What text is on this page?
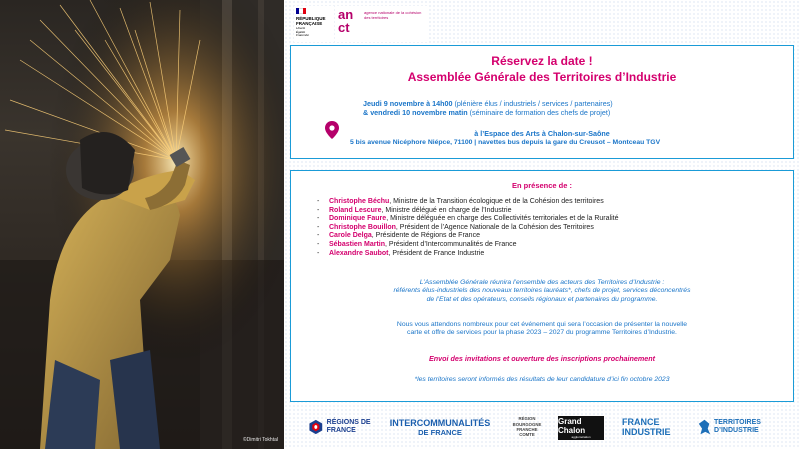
©Dimitri Tokhtal
RÉPUBLIQUE
FRANÇAISE
Liberté
Égalité
Fraternité
an ct
agence nationale de la cohésion des territoires
Réservez la date !
Assemblée Générale des Territoires d’Industrie
Jeudi 9 novembre à 14h00 (plénière élus / industriels / services / partenaires)
& vendredi 10 novembre matin (séminaire de formation des chefs de projet)
à l’Espace des Arts à Chalon-sur-Saône
5 bis avenue Nicéphore Niépce, 71100 | navettes bus depuis la gare du Creusot – Montceau TGV
En présence de :
- Christophe Béchu, Ministre de la Transition écologique et de la Cohésion des territoires
- Roland Lescure, Ministre délégué en charge de l’Industrie
- Dominique Faure, Ministre déléguée en charge des Collectivités territoriales et de la Ruralité
- Christophe Bouillon, Président de l’Agence Nationale de la Cohésion des Territoires
- Carole Delga, Présidente de Régions de France
- Sébastien Martin, Président d’Intercommunalités de France
- Alexandre Saubot, Président de France Industrie
L’Assemblée Générale réunira l’ensemble des acteurs des Territoires d’Industrie :
référents élus-industriels des nouveaux territoires lauréats*, chefs de projet, services déconcentrés
de l’Etat et des opérateurs, conseils régionaux et partenaires du programme.
Nous vous attendons nombreux pour cet événement qui sera l’occasion de présenter la nouvelle
carte et offre de services pour la phase 2023 – 2027 du programme Territoires d’Industrie.
Envoi des invitations et ouverture des inscriptions prochainement
*les territoires seront informés des résultats de leur candidature d’ici fin octobre 2023
RÉGIONS DE FRANCE
INTERCOMMUNALITÉS
DE FRANCE
RÉGION
BOURGOGNE
FRANCHE
COMTE
Grand Chalon
agglomération
FRANCE
INDUSTRIE
TERRITOIRES D’INDUSTRIE
